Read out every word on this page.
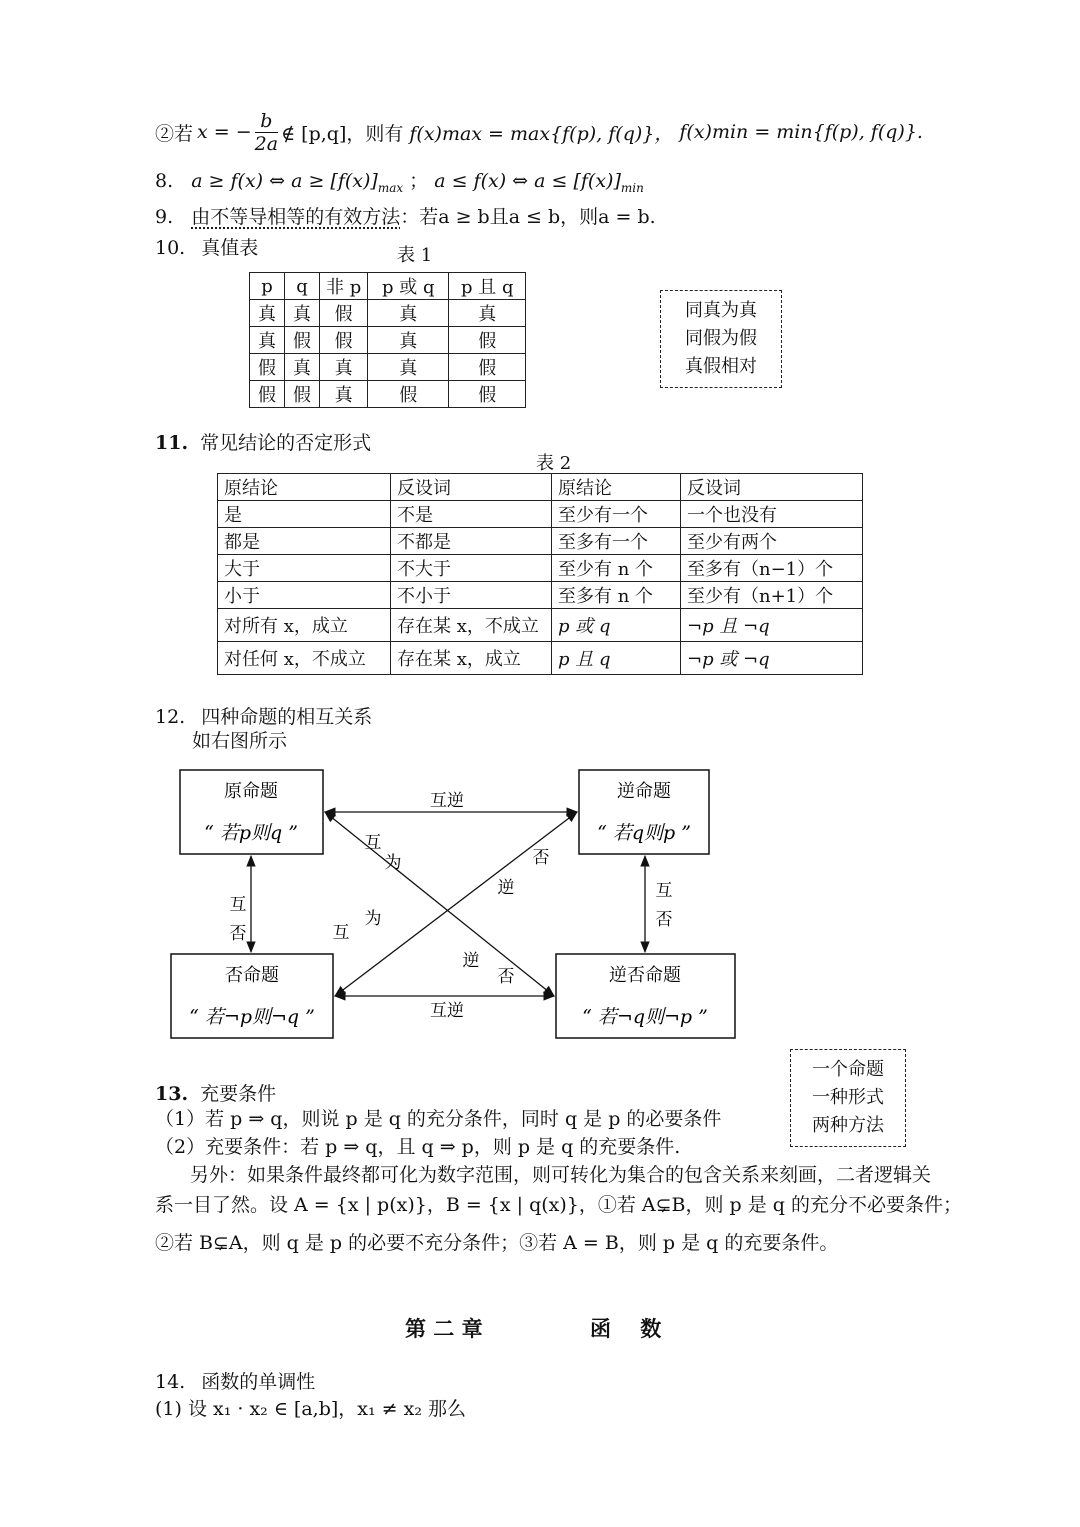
②若 x = − $\frac{b}{2a}$ ∉ [p,q]，则有 f(x)max = max{f(p), f(q)}， f(x)min = min{f(p), f(q)}.
8. a ≥ f(x) ⇔ $a \ge [f(x)]_{max}$ ； a ≤ f(x) ⇔ $a \le [f(x)]_{min}$
9. 由不等导相等的有效方法：若a ≥ b且a ≤ b，则a = b.
10. 真值表	表 1
p	q	非 p	p 或 q	p 且 q
真	真	假	真	真
真	假	假	真	假
假	真	真	真	假
假	假	真	假	假
同真为真
同假为假
真假相对
11. 常见结论的否定形式
表 2
原结论	反设词	原结论	反设词
是	不是	至少有一个	一个也没有
都是	不都是	至多有一个	至少有两个
大于	不大于	至少有 n 个	至多有（n−1）个
小于	不小于	至多有 n 个	至少有（n+1）个
对所有 x，成立	存在某 x，不成立	p 或 q	¬p 且 ¬q
对任何 x，不成立	存在某 x，成立	p 且 q	¬p 或 ¬q
12. 四种命题的相互关系
如右图所示
原命题
“ 若p则q ”
逆命题
“ 若q则p ”
否命题
“ 若¬p则¬q ”
逆否命题
“ 若¬q则¬p ”
互逆
互逆
互
否
互
否
互
为
为
互
否
逆
逆
否
一个命题
一种形式
两种方法
13. 充要条件
（1）若 p ⇒ q，则说 p 是 q 的充分条件，同时 q 是 p 的必要条件
（2）充要条件：若 p ⇒ q，且 q ⇒ p，则 p 是 q 的充要条件.
另外：如果条件最终都可化为数字范围，则可转化为集合的包含关系来刻画，二者逻辑关
系一目了然。设 A = {x | p(x)}，B = {x | q(x)}，①若 A⊊B，则 p 是 q 的充分不必要条件；
②若 B⊊A，则 q 是 p 的必要不充分条件；③若 A = B，则 p 是 q 的充要条件。
第 二 章	函    数
14. 函数的单调性
(1) 设 x₁ · x₂ ∈ [a,b]，x₁ ≠ x₂ 那么
